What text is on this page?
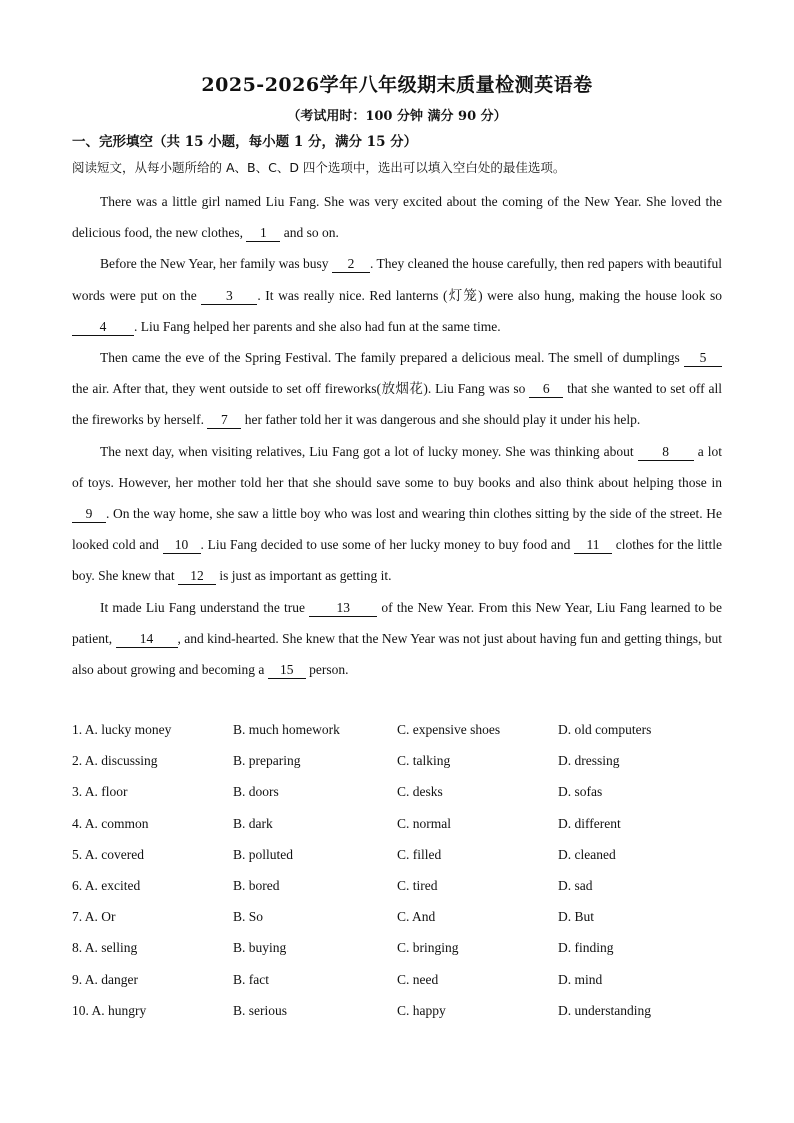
2025-2026学年八年级期末质量检测英语卷
（考试用时：100 分钟 满分 90 分）
一、完形填空（共 15 小题，每小题 1 分，满分 15 分）
阅读短文，从每小题所给的 A、B、C、D 四个选项中，选出可以填入空白处的最佳选项。

There was a little girl named Liu Fang. She was very excited about the coming of the New Year. She loved the delicious food, the new clothes, 1 and so on.

Before the New Year, her family was busy 2 . They cleaned the house carefully, then red papers with beautiful words were put on the 3 . It was really nice. Red lanterns (灯笼) were also hung, making the house look so 4 . Liu Fang helped her parents and she also had fun at the same time.

Then came the eve of the Spring Festival. The family prepared a delicious meal. The smell of dumplings 5 the air. After that, they went outside to set off fireworks(放烟花). Liu Fang was so 6 that she wanted to set off all the fireworks by herself. 7 her father told her it was dangerous and she should play it under his help.

The next day, when visiting relatives, Liu Fang got a lot of lucky money. She was thinking about 8 a lot of toys. However, her mother told her that she should save some to buy books and also think about helping those in 9 . On the way home, she saw a little boy who was lost and wearing thin clothes sitting by the side of the street. He looked cold and 10 . Liu Fang decided to use some of her lucky money to buy food and 11 clothes for the little boy. She knew that 12 is just as important as getting it.

It made Liu Fang understand the true 13 of the New Year. From this New Year, Liu Fang learned to be patient, 14 , and kind-hearted. She knew that the New Year was not just about having fun and getting things, but also about growing and becoming a 15 person.

1. A. lucky money	B. much homework	C. expensive shoes	D. old computers
2. A. discussing	B. preparing	C. talking	D. dressing
3. A. floor	B. doors	C. desks	D. sofas
4. A. common	B. dark	C. normal	D. different
5. A. covered	B. polluted	C. filled	D. cleaned
6. A. excited	B. bored	C. tired	D. sad
7. A. Or	B. So	C. And	D. But
8. A. selling	B. buying	C. bringing	D. finding
9. A. danger	B. fact	C. need	D. mind
10. A. hungry	B. serious	C. happy	D. understanding
